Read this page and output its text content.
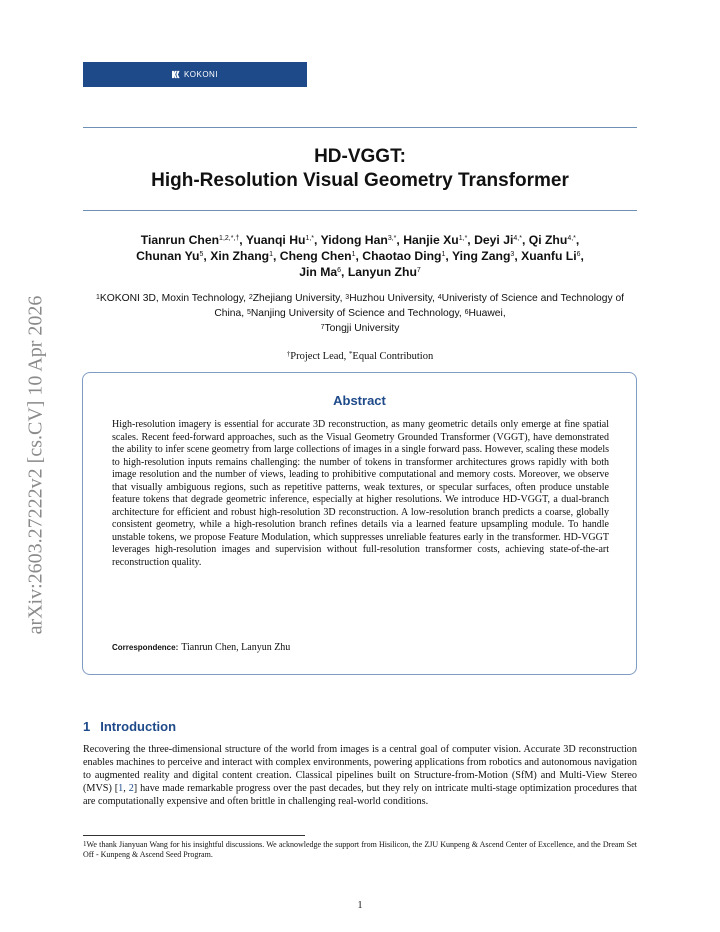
arXiv:2603.27222v2 [cs.CV] 10 Apr 2026
KOKONI
HD-VGGT:
High-Resolution Visual Geometry Transformer
Tianrun Chen$^{1,2,*,\dagger}$, Yuanqi $Hu^{1,*}$, Yidong Han$^{3,*}$, Hanjie $Xu^{1,*}$, Deyi $Ji^{4,*}$, Qi Zhu$^{4,*}$,
Chunan Yu$^5$, Xin Zhang$^1$, Cheng Chen$^1$, Chaotao Ding$^1$, Ying Zang$^3$, Xuanfu Li$^6$,
Jin Ma$^6$, Lanyun Zhu$^7$
$^1$KOKONI 3D, Moxin Technology, $^2$Zhejiang University, $^3$Huzhou University, $^4$Univeristy of Science and Technology of China, $^5$Nanjing University of Science and Technology, $^6$Huawei,
$^7$Tongji University
†Project Lead, *Equal Contribution
Abstract
High-resolution imagery is essential for accurate 3D reconstruction, as many geometric details only emerge at fine spatial scales. Recent feed-forward approaches, such as the Visual Geometry Grounded Transformer (VGGT), have demonstrated the ability to infer scene geometry from large collections of images in a single forward pass. However, scaling these models to high-resolution inputs remains challenging: the number of tokens in transformer architectures grows rapidly with both image resolution and the number of views, leading to prohibitive computational and memory costs. Moreover, we observe that visually ambiguous regions, such as repetitive patterns, weak textures, or specular surfaces, often produce unstable feature tokens that degrade geometric inference, especially at higher resolutions. We introduce HD-VGGT, a dual-branch architecture for efficient and robust high-resolution 3D reconstruction. A low-resolution branch predicts a coarse, globally consistent geometry, while a high-resolution branch refines details via a learned feature upsampling module. To handle unstable tokens, we propose Feature Modulation, which suppresses unreliable features early in the transformer. HD-VGGT leverages high-resolution images and supervision without full-resolution transformer costs, achieving state-of-the-art reconstruction quality.
Correspondence: Tianrun Chen, Lanyun Zhu
1 Introduction
Recovering the three-dimensional structure of the world from images is a central goal of computer vision. Accurate 3D reconstruction enables machines to perceive and interact with complex environments, powering applications from robotics and autonomous navigation to augmented reality and digital content creation. Classical pipelines built on Structure-from-Motion (SfM) and Multi-View Stereo (MVS) [1, 2] have made remarkable progress over the past decades, but they rely on intricate multi-stage optimization procedures that are computationally expensive and often brittle in challenging real-world conditions.
$^1$We thank Jianyuan Wang for his insightful discussions. We acknowledge the support from Hisilicon, the ZJU Kunpeng & Ascend Center of Excellence, and the Dream Set Off - Kunpeng & Ascend Seed Program.
1
